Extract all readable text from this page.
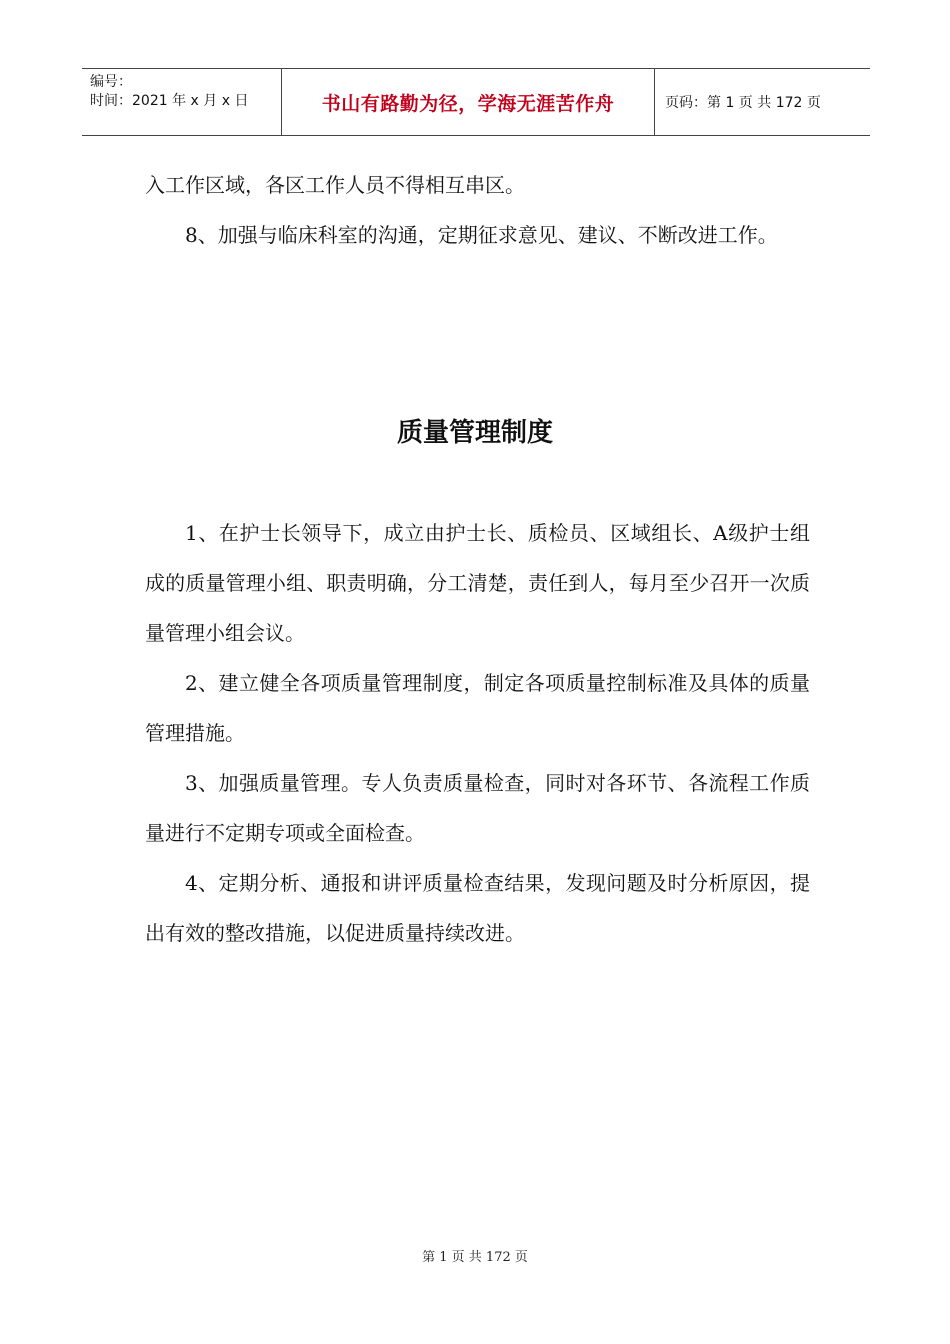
编号：
时间：2021 年 x 月 x 日	书山有路勤为径，学海无涯苦作舟	页码：第 1 页 共 172 页

入工作区域，各区工作人员不得相互串区。

8、加强与临床科室的沟通，定期征求意见、建议、不断改进工作。

质量管理制度

1、在护士长领导下，成立由护士长、质检员、区域组长、A级护士组成的质量管理小组、职责明确，分工清楚，责任到人，每月至少召开一次质量管理小组会议。

2、建立健全各项质量管理制度，制定各项质量控制标准及具体的质量管理措施。

3、加强质量管理。专人负责质量检查，同时对各环节、各流程工作质量进行不定期专项或全面检查。

4、定期分析、通报和讲评质量检查结果，发现问题及时分析原因，提出有效的整改措施，以促进质量持续改进。

第 1 页 共 172 页
